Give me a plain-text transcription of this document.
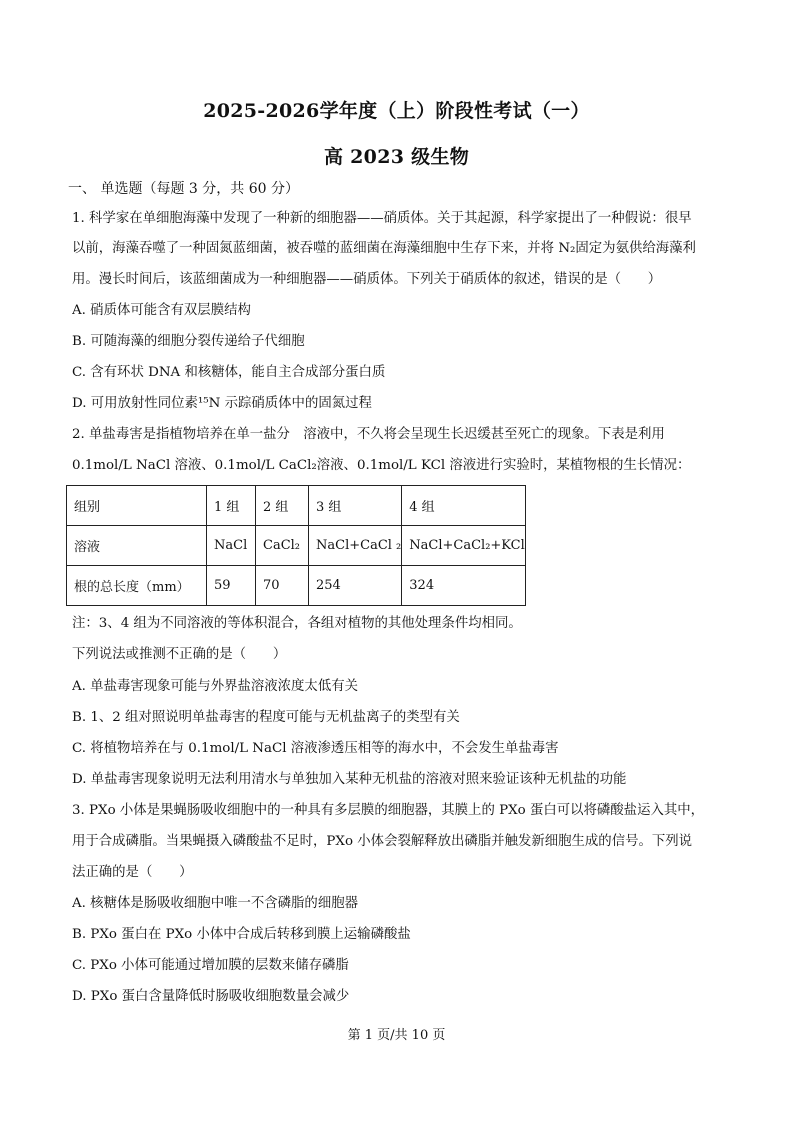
2025-2026学年度（上）阶段性考试（一）
高 2023 级生物
一、 单选题（每题 3 分，共 60 分）
1. 科学家在单细胞海藻中发现了一种新的细胞器——硝质体。关于其起源，科学家提出了一种假说：很早
以前，海藻吞噬了一种固氮蓝细菌，被吞噬的蓝细菌在海藻细胞中生存下来，并将 N₂固定为氨供给海藻利
用。漫长时间后，该蓝细菌成为一种细胞器——硝质体。下列关于硝质体的叙述，错误的是（　　）
A. 硝质体可能含有双层膜结构
B. 可随海藻的细胞分裂传递给子代细胞
C. 含有环状 DNA 和核糖体，能自主合成部分蛋白质
D. 可用放射性同位素¹⁵N 示踪硝质体中的固氮过程
2. 单盐毒害是指植物培养在单一盐分　溶液中，不久将会呈现生长迟缓甚至死亡的现象。下表是利用
0.1mol/L NaCl 溶液、0.1mol/L CaCl₂溶液、0.1mol/L KCl 溶液进行实验时，某植物根的生长情况：
组别	1 组	2 组	3 组	4 组
溶液	NaCl	CaCl₂	NaCl+CaCl ₂	NaCl+CaCl₂+KCl
根的总长度（mm）	59	70	254	324
注：3、4 组为不同溶液的等体积混合，各组对植物的其他处理条件均相同。
下列说法或推测不正确的是（　　）
A. 单盐毒害现象可能与外界盐溶液浓度太低有关
B. 1、2 组对照说明单盐毒害的程度可能与无机盐离子的类型有关
C. 将植物培养在与 0.1mol/L NaCl 溶液渗透压相等的海水中，不会发生单盐毒害
D. 单盐毒害现象说明无法利用清水与单独加入某种无机盐的溶液对照来验证该种无机盐的功能
3. PXo 小体是果蝇肠吸收细胞中的一种具有多层膜的细胞器，其膜上的 PXo 蛋白可以将磷酸盐运入其中，
用于合成磷脂。当果蝇摄入磷酸盐不足时，PXo 小体会裂解释放出磷脂并触发新细胞生成的信号。下列说
法正确的是（　　）
A. 核糖体是肠吸收细胞中唯一不含磷脂的细胞器
B. PXo 蛋白在 PXo 小体中合成后转移到膜上运输磷酸盐
C. PXo 小体可能通过增加膜的层数来储存磷脂
D. PXo 蛋白含量降低时肠吸收细胞数量会减少
第 1 页/共 10 页
